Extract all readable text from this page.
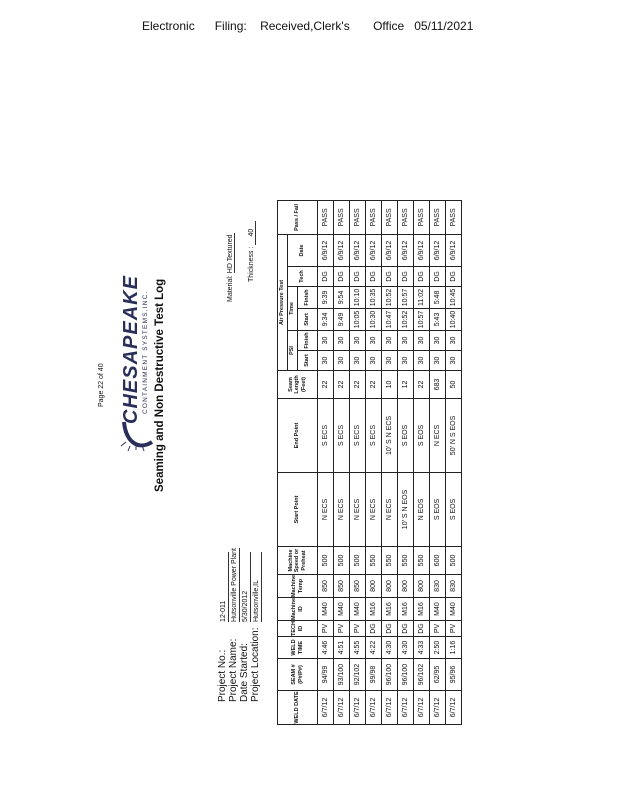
Electronic Filing: Received,Clerk's Office 05/11/2021
Page 22 of 40 CHESAPEAKE CONTAINMENT SYSTEMS,INC. Seaming and Non Destructive Test Log
Project No.:12-011
Project Name:Hutsonville Power Plant
Date Started:5/30/2012
Project Location:Hutsonville,IL
Material: HD Textured Thickness : 40
WELD DATE	SEAM # (P#/P#)	WELD TIME	TECH ID	Machine ID	Machine Temp	Machine Speed or Preheat	Start Point	End Point	Seam Length (Feet)	Air Pressure Test						Pass / Fail
										PSI		Time		Tech	Date	
										Start	Finish	Start	Finish			

6/7/12	94/99	4:46	PV	M40	850	500	N ECS	S ECS	22	30	30	9:34	9:39	DG	6/9/12	PASS
6/7/12	93/100	4:51	PV	M40	850	500	N ECS	S ECS	22	30	30	9:49	9:54	DG	6/9/12	PASS
6/7/12	92/102	4:55	PV	M40	850	500	N ECS	S ECS	22	30	30	10:05	10:10	DG	6/9/12	PASS
6/7/12	99/98	4:22	DG	M16	800	550	N ECS	S ECS	22	30	30	10:30	10:35	DG	6/9/12	PASS
6/7/12	96/100	4:30	DG	M16	800	550	N ECS	10' S N ECS	10	30	30	10:47	10:52	DG	6/9/12	PASS
6/7/12	96/100	4:30	DG	M16	800	550	10' S N EOS	S EOS	12	30	30	10:52	10:57	DG	6/9/12	PASS
6/7/12	96/102	4:33	DG	M16	800	550	N EOS	S EOS	22	30	30	10:57	11:02	DG	6/9/12	PASS
6/7/12	62/95	2:50	PV	M40	830	600	S EOS	N ECS	683	30	30	5:43	5:48	DG	6/9/12	PASS
6/7/12	95/96	1:16	PV	M40	830	500	S EOS	50' N S EOS	50	30	30	10:40	10:45	DG	6/9/12	PASS
